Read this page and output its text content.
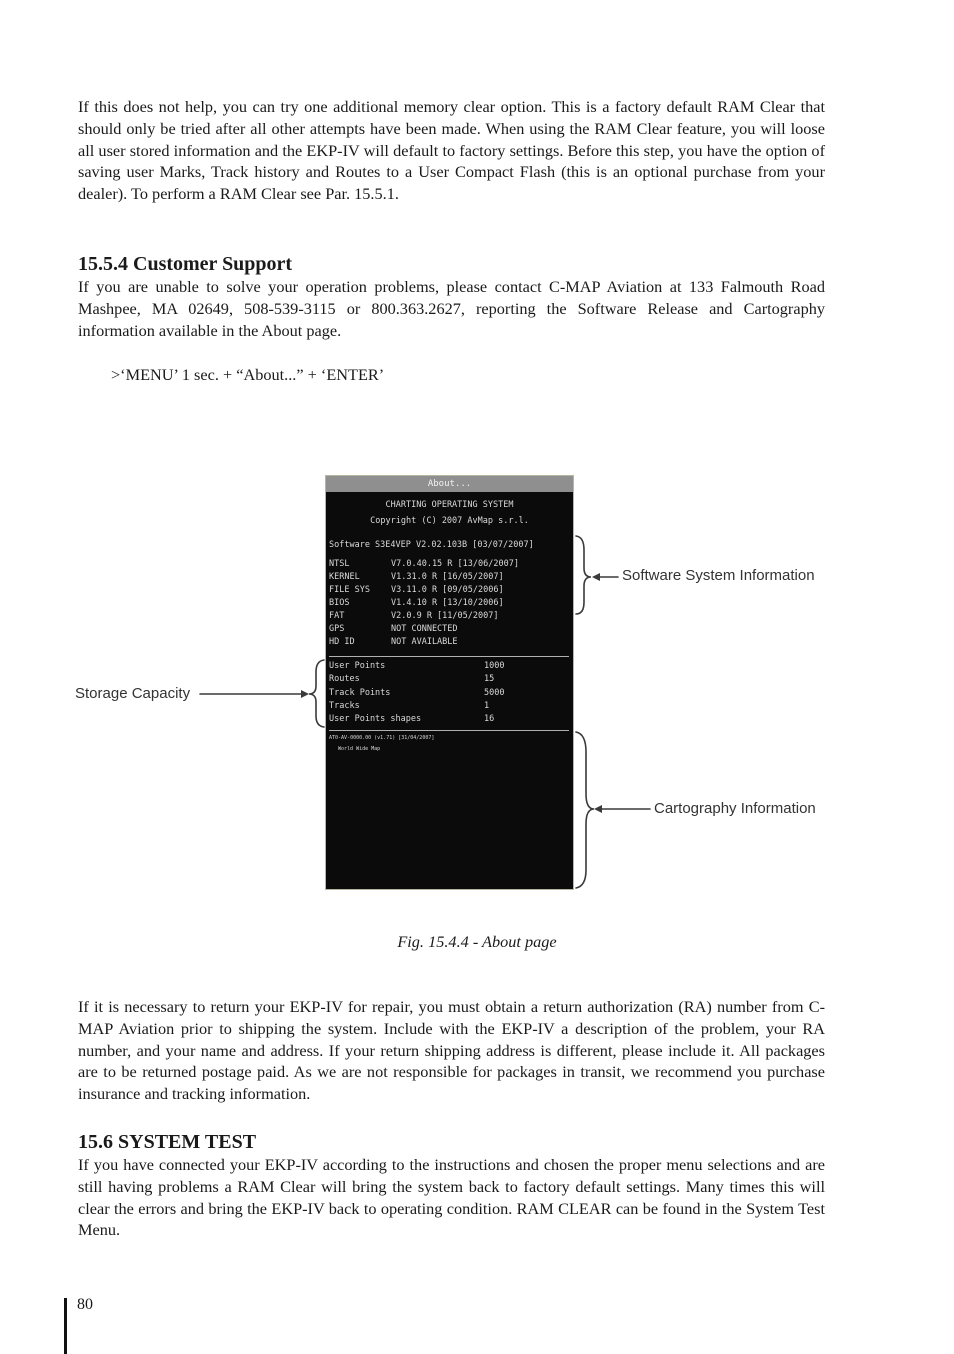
If this does not help, you can try one additional memory clear option. This is a factory default RAM Clear that should only be tried after all other attempts have been made. When using the RAM Clear feature, you will loose all user stored information and the EKP-IV will default to factory settings. Before this step, you have the option of saving user Marks, Track history and Routes to a User Compact Flash (this is an optional purchase from your dealer). To perform a RAM Clear see Par. 15.5.1.

15.5.4 Customer Support

If you are unable to solve your operation problems, please contact C-MAP Aviation at 133 Falmouth Road Mashpee, MA 02649, 508-539-3115 or 800.363.2627, reporting the Software Release and Cartography information available in the About page.

>‘MENU’ 1 sec. + “About...” + ‘ENTER’

About...
CHARTING OPERATING SYSTEM
Copyright (C) 2007 AvMap s.r.l.
Software S3E4VEP V2.02.103B [03/07/2007]
NTSL	V7.0.40.15 R [13/06/2007]
KERNEL	V1.31.0 R [16/05/2007]
FILE SYS V3.11.0 R [09/05/2006]
BIOS	V1.4.10 R [13/10/2006]
FAT	V2.0.9 R [11/05/2007]
GPS	NOT CONNECTED
HD ID	NOT AVAILABLE
User Points	1000
Routes	15
Track Points	5000
Tracks	1
User Points shapes	16
AT0-AV-0000.00 (v1.71) [31/04/2007]
World Wide Map
Software System Information
Storage Capacity
Cartography Information
Fig. 15.4.4 - About page

If it is necessary to return your EKP-IV for repair, you must obtain a return authorization (RA) number from C-MAP Aviation prior to shipping the system. Include with the EKP-IV a description of the problem, your RA number, and your name and address. If your return shipping address is different, please include it. All packages are to be returned postage paid. As we are not responsible for packages in transit, we recommend you purchase insurance and tracking information.

15.6 SYSTEM TEST

If you have connected your EKP-IV according to the instructions and chosen the proper menu selections and are still having problems a RAM Clear will bring the system back to factory default settings. Many times this will clear the errors and bring the EKP-IV back to operating condition. RAM CLEAR can be found in the System Test Menu.

80
